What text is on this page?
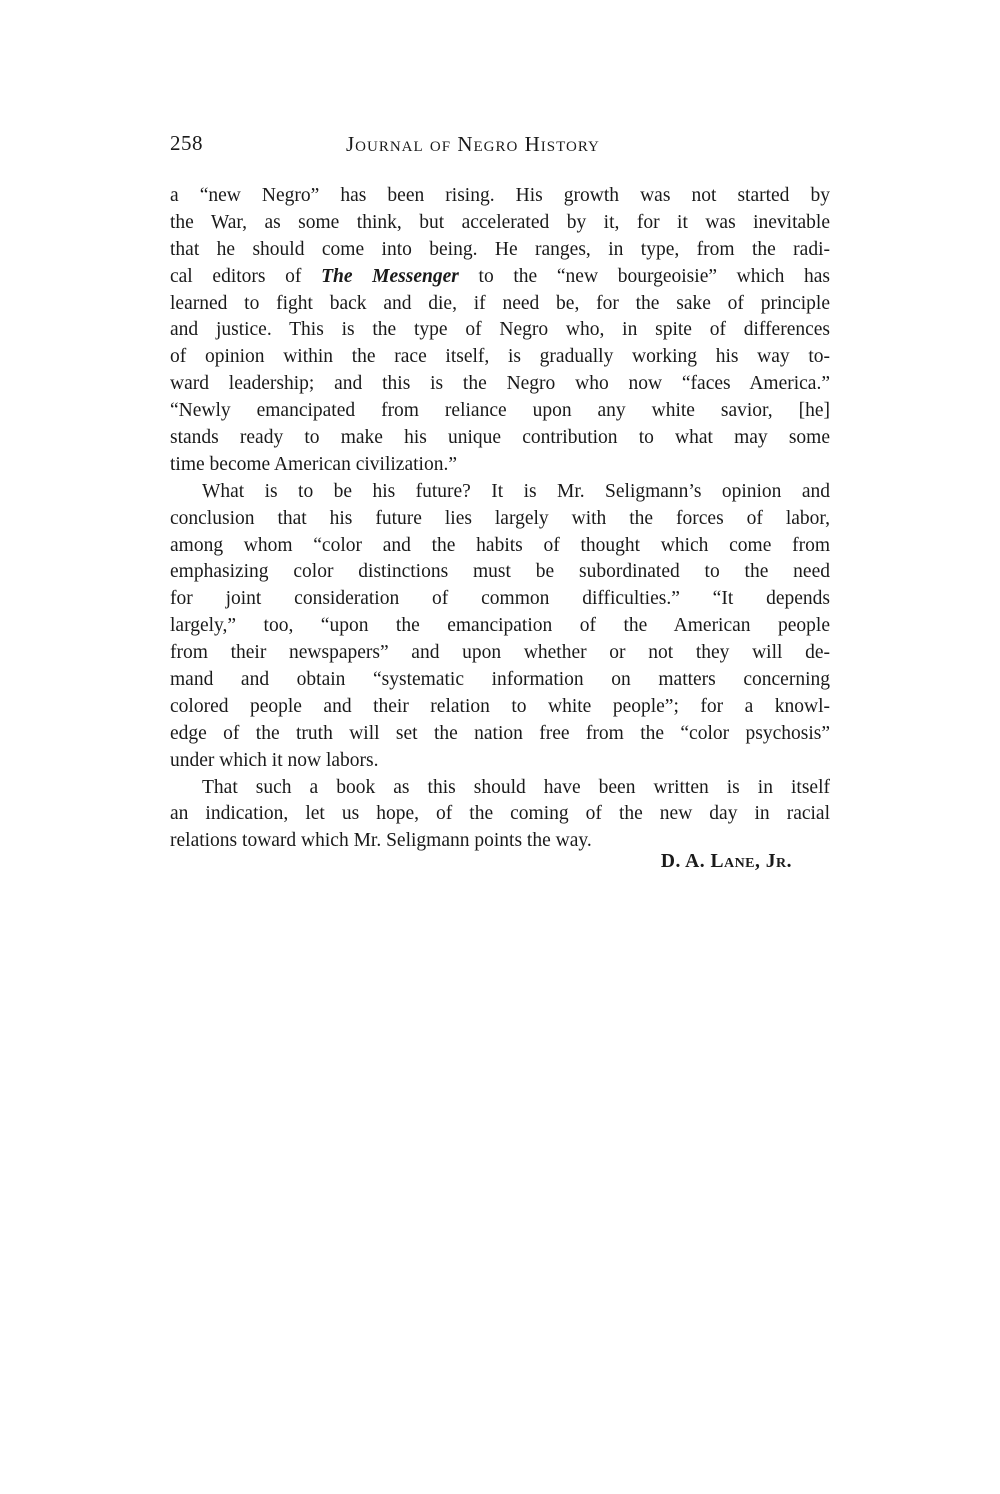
258	Journal of Negro History
a “new Negro” has been rising. His growth was not started by
the War, as some think, but accelerated by it, for it was inevitable
that he should come into being. He ranges, in type, from the radi-
cal editors of The Messenger to the “new bourgeoisie” which has
learned to fight back and die, if need be, for the sake of principle
and justice. This is the type of Negro who, in spite of differences
of opinion within the race itself, is gradually working his way to-
ward leadership; and this is the Negro who now “faces America.”
“Newly emancipated from reliance upon any white savior, [he]
stands ready to make his unique contribution to what may some
time become American civilization.”
What is to be his future? It is Mr. Seligmann’s opinion and
conclusion that his future lies largely with the forces of labor,
among whom “color and the habits of thought which come from
emphasizing color distinctions must be subordinated to the need
for joint consideration of common difficulties.” “It depends
largely,” too, “upon the emancipation of the American people
from their newspapers” and upon whether or not they will de-
mand and obtain “systematic information on matters concerning
colored people and their relation to white people”; for a knowl-
edge of the truth will set the nation free from the “color psychosis”
under which it now labors.
That such a book as this should have been written is in itself
an indication, let us hope, of the coming of the new day in racial
relations toward which Mr. Seligmann points the way.
D. A. Lane, Jr.
